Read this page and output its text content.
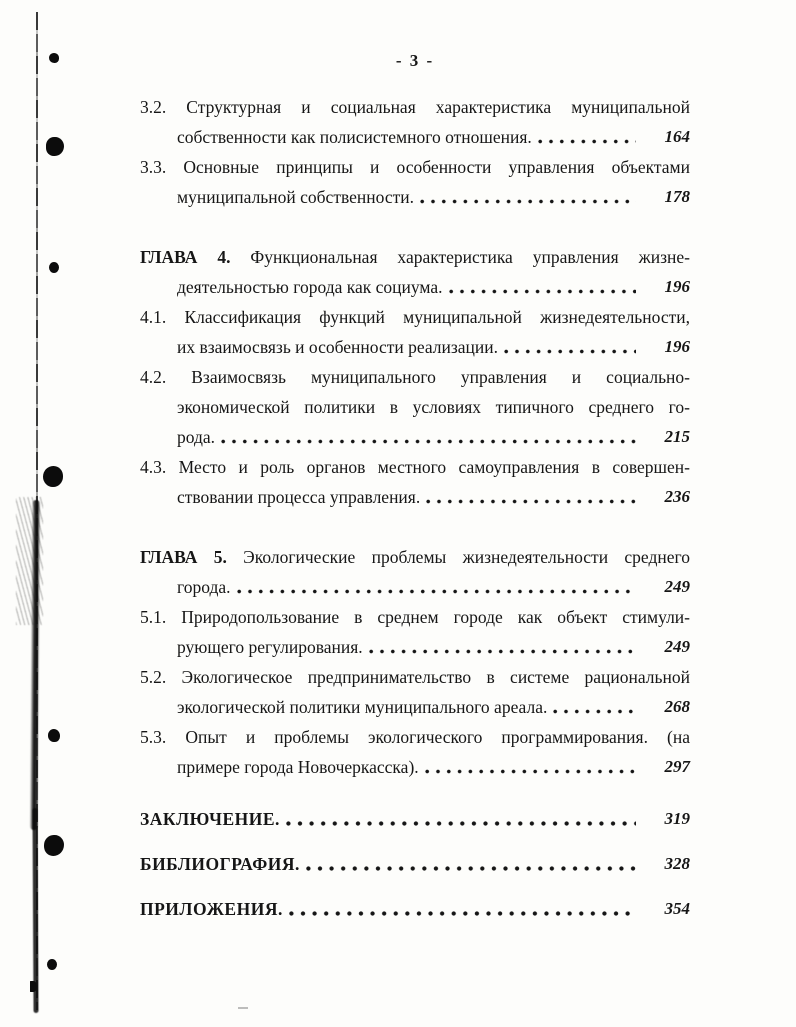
- 3 -
3.2. Структурная и социальная характеристика муниципальной
собственности как полисистемного отношения.	164
3.3. Основные принципы и особенности управления объектами
муниципальной собственности.	178
ГЛАВА 4. Функциональная характеристика управления жизне-
деятельностью города как социума.	196
4.1. Классификация функций муниципальной жизнедеятельности,
их взаимосвязь и особенности реализации.	196
4.2. Взаимосвязь муниципального управления и социально-
экономической политики в условиях типичного среднего го-
рода.	215
4.3. Место и роль органов местного самоуправления в совершен-
ствовании процесса управления.	236
ГЛАВА 5. Экологические проблемы жизнедеятельности среднего
города.	249
5.1. Природопользование в среднем городе как объект стимули-
рующего регулирования.	249
5.2. Экологическое предпринимательство в системе рациональной
экологической политики муниципального ареала.	268
5.3. Опыт и проблемы экологического программирования. (на
примере города Новочеркасска).	297
ЗАКЛЮЧЕНИЕ.	319
БИБЛИОГРАФИЯ.	328
ПРИЛОЖЕНИЯ.	354
